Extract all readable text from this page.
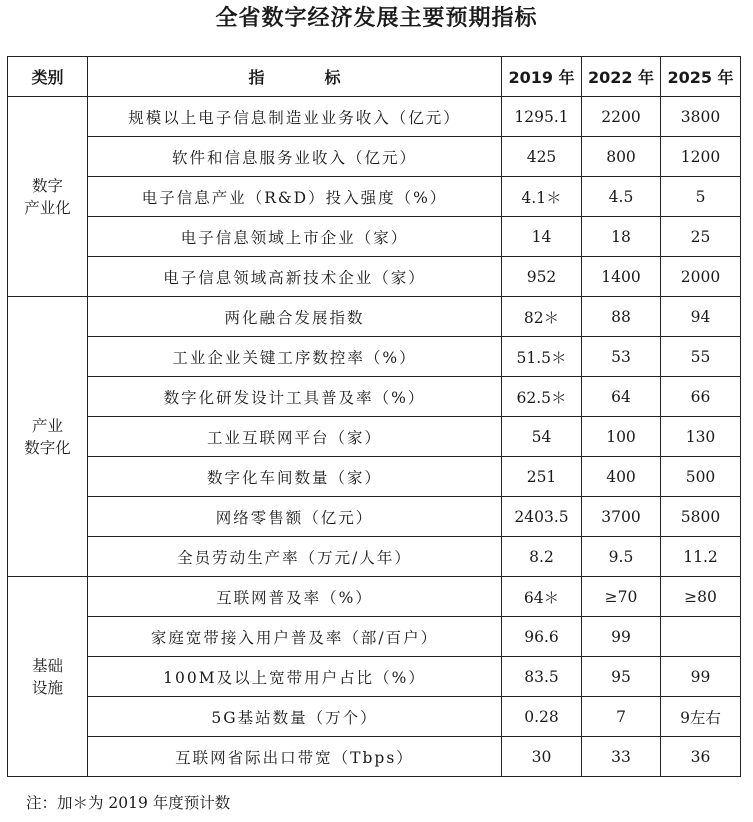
全省数字经济发展主要预期指标
类别	指 标	2019 年	2022 年	2025 年

数字
产业化	规模以上电子信息制造业业务收入（亿元）	1295.1	2200	3800
	软件和信息服务业收入（亿元）	425	800	1200
	电子信息产业（R&D）投入强度（%）	4.1＊	4.5	5
	电子信息领域上市企业（家）	14	18	25
	电子信息领域高新技术企业（家）	952	1400	2000

产业
数字化	两化融合发展指数	82＊	88	94
	工业企业关键工序数控率（%）	51.5＊	53	55
	数字化研发设计工具普及率（%）	62.5＊	64	66
	工业互联网平台（家）	54	100	130
	数字化车间数量（家）	251	400	500
	网络零售额（亿元）	2403.5	3700	5800
	全员劳动生产率（万元/人年）	8.2	9.5	11.2

基础
设施	互联网普及率（%）	64＊	≥70	≥80
	家庭宽带接入用户普及率（部/百户）	96.6	99	
	100M及以上宽带用户占比（%）	83.5	95	99
	5G基站数量（万个）	0.28	7	9左右
	互联网省际出口带宽（Tbps）	30	33	36
注：加＊为 2019 年度预计数
